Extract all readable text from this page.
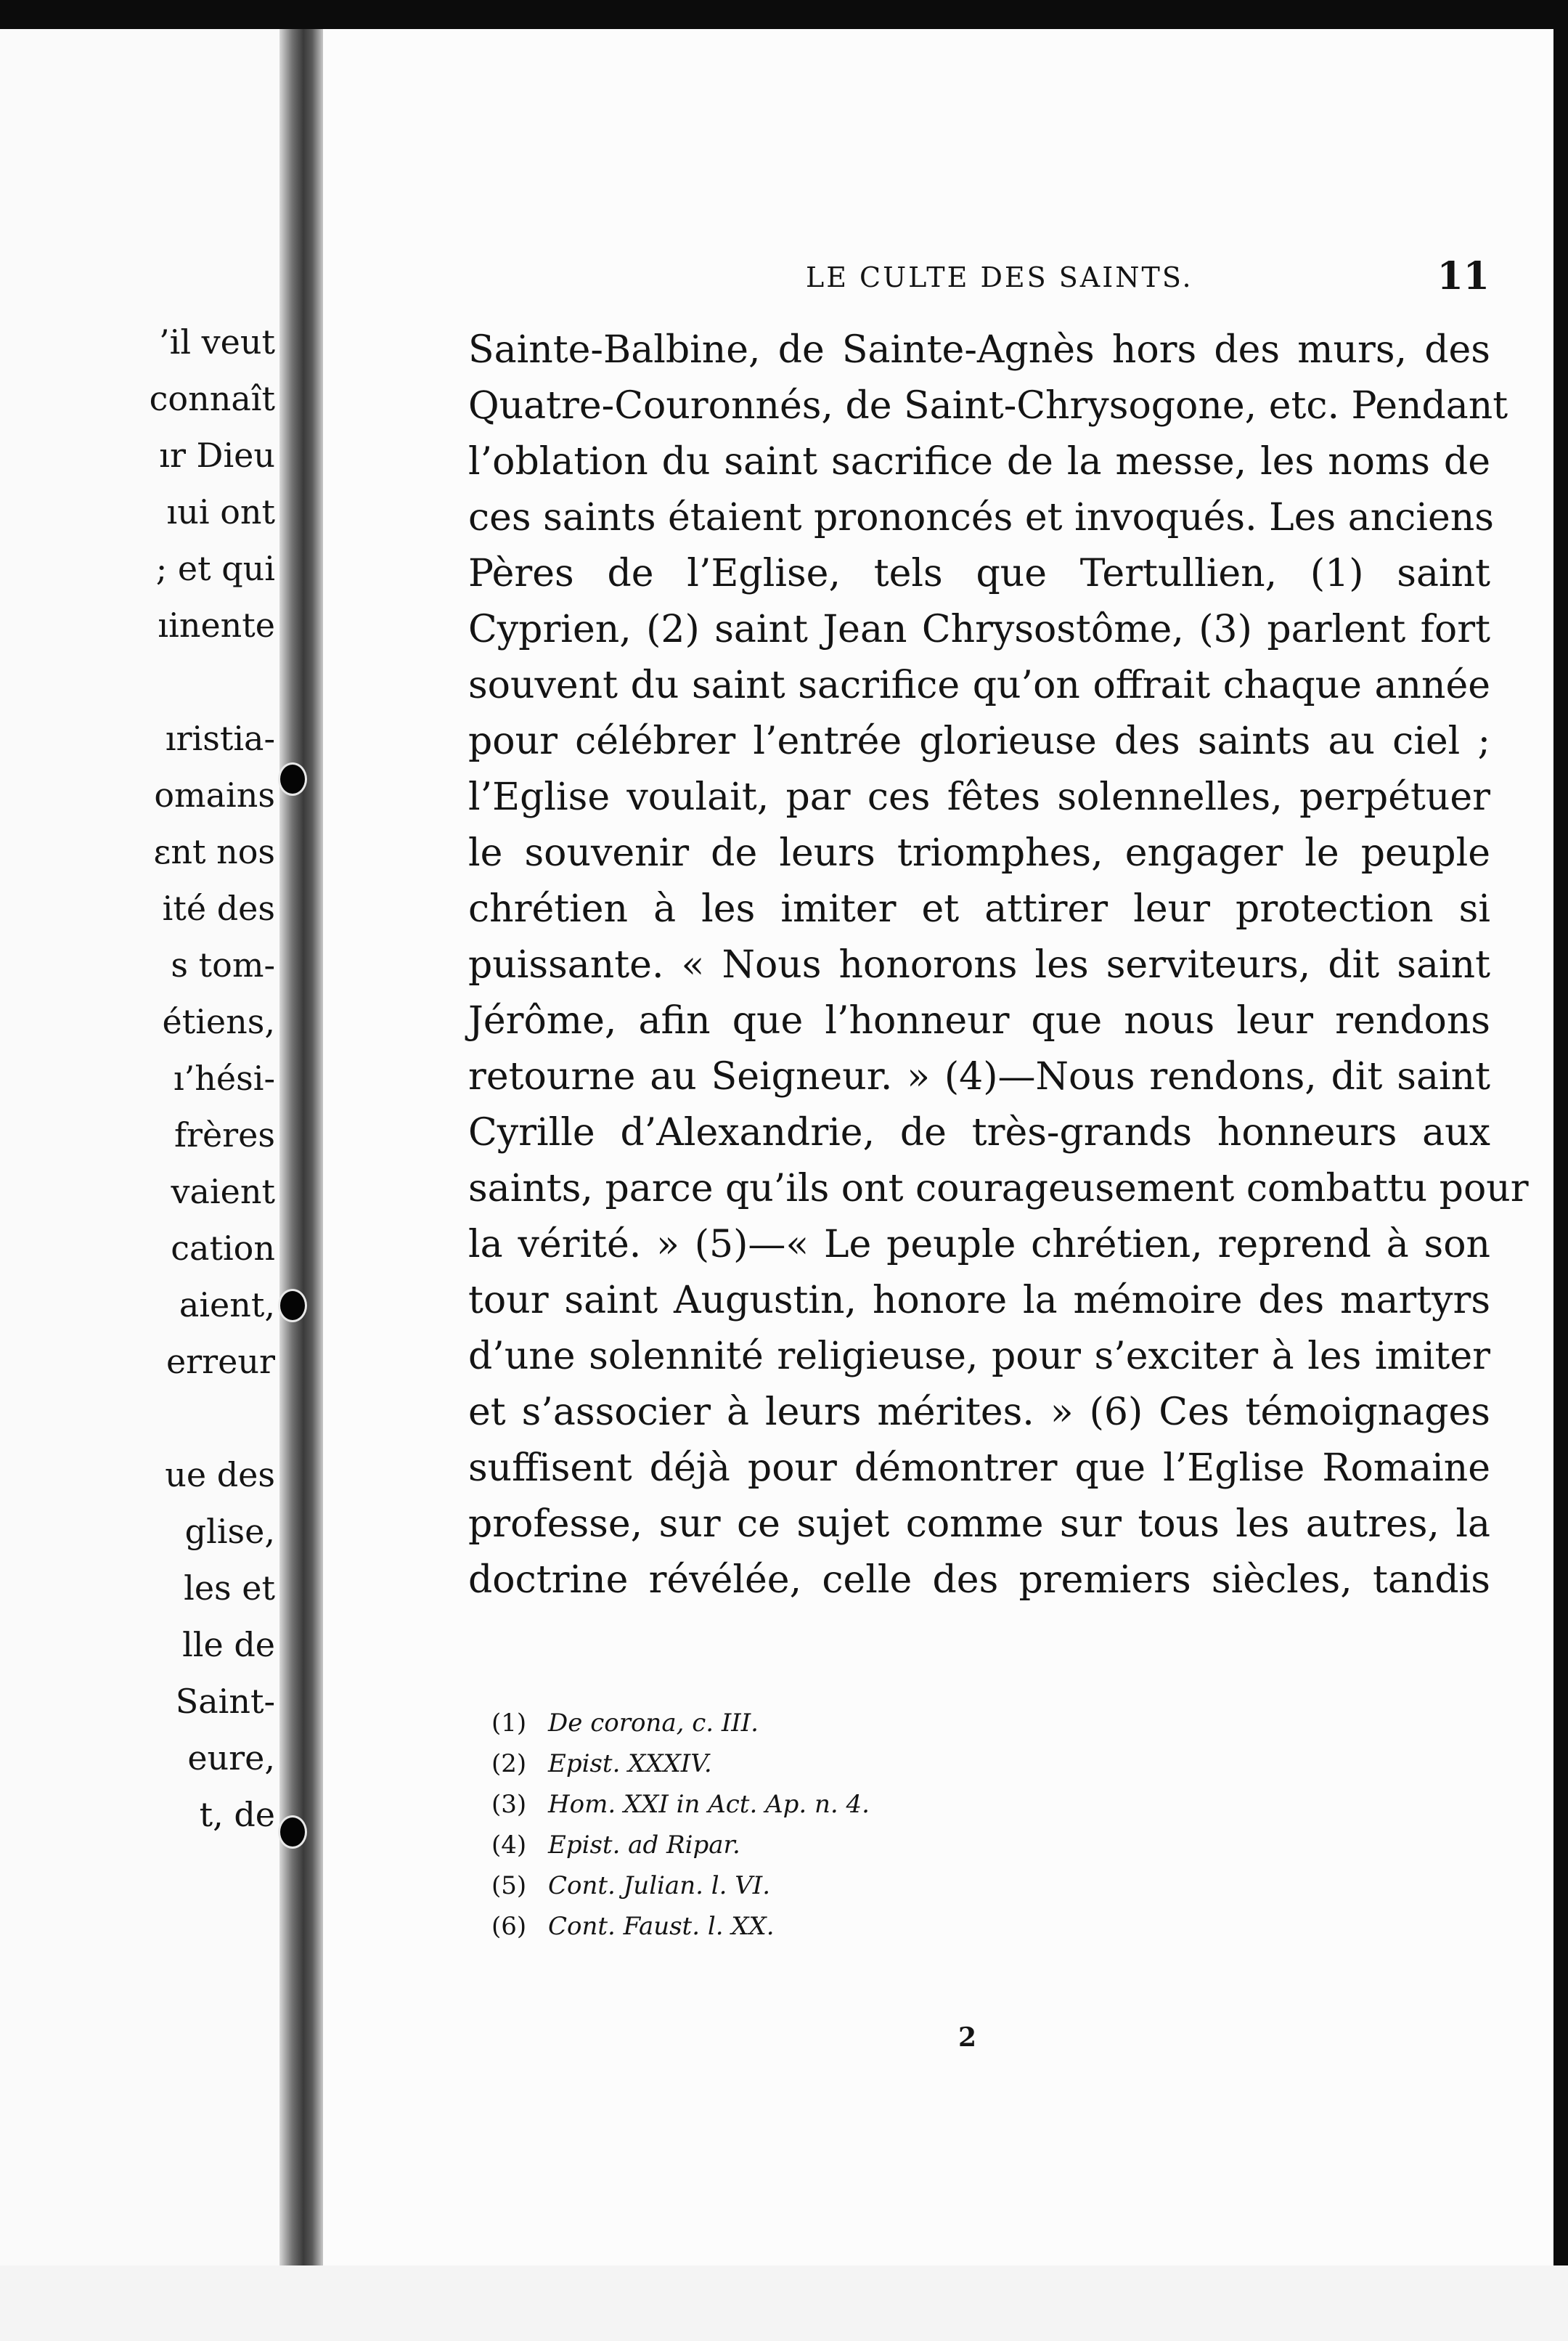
’il veut
connaît
ır Dieu
ıui ont
; et qui
ıinente
ıristia-
omains
ɛnt nos
ité des
s tom-
étiens,
ı’hési-
frères
vaient
cation
aient,
erreur
ue des
glise,
les et
lle de
Saint-
eure,
t, de
LE CULTE DES SAINTS.	11
Sainte-Balbine, de Sainte-Agnès hors des murs, des
Quatre-Couronnés, de Saint-Chrysogone, etc. Pendant
l’oblation du saint sacrifice de la messe, les noms de
ces saints étaient prononcés et invoqués. Les anciens
Pères de l’Eglise, tels que Tertullien, (1) saint
Cyprien, (2) saint Jean Chrysostôme, (3) parlent fort
souvent du saint sacrifice qu’on offrait chaque année
pour célébrer l’entrée glorieuse des saints au ciel ;
l’Eglise voulait, par ces fêtes solennelles, perpétuer
le souvenir de leurs triomphes, engager le peuple
chrétien à les imiter et attirer leur protection si
puissante. « Nous honorons les serviteurs, dit saint
Jérôme, afin que l’honneur que nous leur rendons
retourne au Seigneur. » (4)—Nous rendons, dit saint
Cyrille d’Alexandrie, de très-grands honneurs aux
saints, parce qu’ils ont courageusement combattu pour
la vérité. » (5)—« Le peuple chrétien, reprend à son
tour saint Augustin, honore la mémoire des martyrs
d’une solennité religieuse, pour s’exciter à les imiter
et s’associer à leurs mérites. » (6) Ces témoignages
suffisent déjà pour démontrer que l’Eglise Romaine
professe, sur ce sujet comme sur tous les autres, la
doctrine révélée, celle des premiers siècles, tandis
(1) De corona, c. III.
(2) Epist. XXXIV.
(3) Hom. XXI in Act. Ap. n. 4.
(4) Epist. ad Ripar.
(5) Cont. Julian. l. VI.
(6) Cont. Faust. l. XX.
2
